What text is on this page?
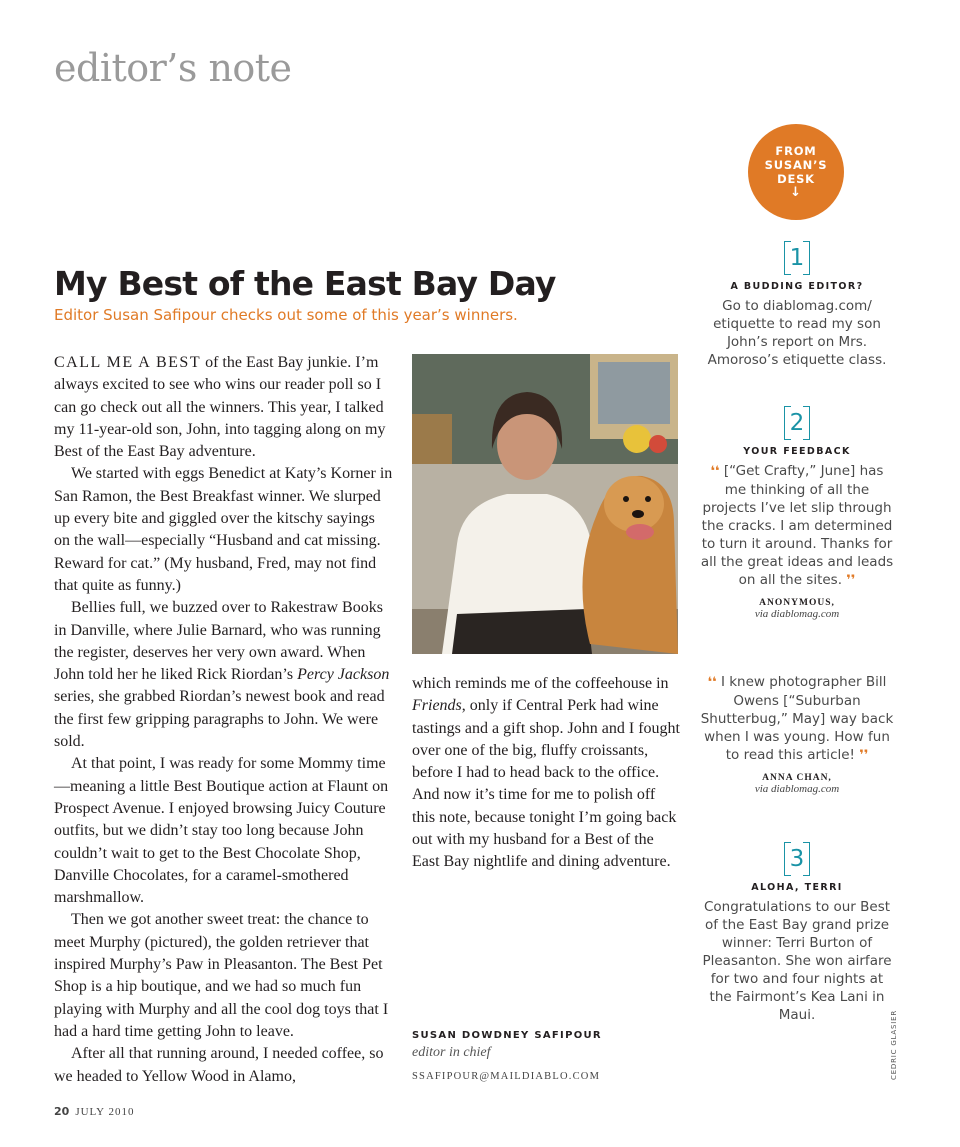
editor’s note
FROM
SUSAN’S
DESK
↓
My Best of the East Bay Day
Editor Susan Safipour checks out some of this year’s winners.

CALL ME A BEST of the East Bay junkie. I’m always excited to see who wins our reader poll so I can go check out all the winners. This year, I talked my 11-year-old son, John, into tagging along on my Best of the East Bay adventure.

We started with eggs Benedict at Katy’s Korner in San Ramon, the Best Breakfast winner. We slurped up every bite and giggled over the kitschy sayings on the wall—especially “Husband and cat missing. Reward for cat.” (My husband, Fred, may not find that quite as funny.)

Bellies full, we buzzed over to Rakestraw Books in Danville, where Julie Barnard, who was running the register, deserves her very own award. When John told her he liked Rick Riordan’s Percy Jackson series, she grabbed Riordan’s newest book and read the first few gripping paragraphs to John. We were sold.

At that point, I was ready for some Mommy time—meaning a little Best Boutique action at Flaunt on Prospect Avenue. I enjoyed browsing Juicy Couture outfits, but we didn’t stay too long because John couldn’t wait to get to the Best Chocolate Shop, Danville Chocolates, for a caramel-smothered marshmallow.

Then we got another sweet treat: the chance to meet Murphy (pictured), the golden retriever that inspired Murphy’s Paw in Pleasanton. The Best Pet Shop is a hip boutique, and we had so much fun playing with Murphy and all the cool dog toys that I had a hard time getting John to leave.

After all that running around, I needed coffee, so we headed to Yellow Wood in Alamo,

which reminds me of the coffeehouse in Friends, only if Central Perk had wine tastings and a gift shop. John and I fought over one of the big, fluffy croissants, before I had to head back to the office. And now it’s time for me to polish off this note, because tonight I’m going back out with my husband for a Best of the East Bay nightlife and dining adventure.

SUSAN DOWDNEY SAFIPOUR
editor in chief
SSAFIPOUR@MAILDIABLO.COM
20 JULY 2010
CEDRIC GLASIER
1
A BUDDING EDITOR?
Go to diablomag.com/ etiquette to read my son John’s report on Mrs. Amoroso’s etiquette class.
2
YOUR FEEDBACK
❛❛ [“Get Crafty,” June] has me thinking of all the projects I’ve let slip through the cracks. I am determined to turn it around. Thanks for all the great ideas and leads on all the sites. ❜❜
ANONYMOUS,
via diablomag.com
❛❛ I knew photographer Bill Owens [“Suburban Shutterbug,” May] way back when I was young. How fun to read this article! ❜❜
ANNA CHAN,
via diablomag.com
3
ALOHA, TERRI
Congratulations to our Best of the East Bay grand prize winner: Terri Burton of Pleasanton. She won airfare for two and four nights at the Fairmont’s Kea Lani in Maui.
